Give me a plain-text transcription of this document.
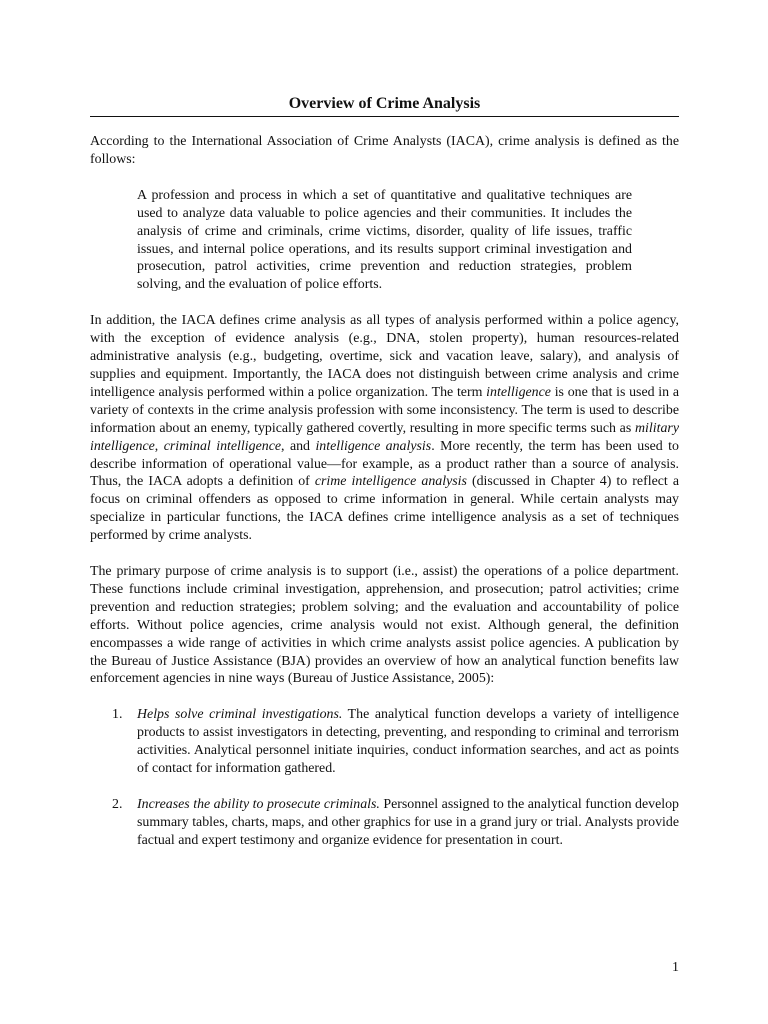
Overview of Crime Analysis

According to the International Association of Crime Analysts (IACA), crime analysis is defined as the follows:

A profession and process in which a set of quantitative and qualitative techniques are used to analyze data valuable to police agencies and their communities. It includes the analysis of crime and criminals, crime victims, disorder, quality of life issues, traffic issues, and internal police operations, and its results support criminal investigation and prosecution, patrol activities, crime prevention and reduction strategies, problem solving, and the evaluation of police efforts.

In addition, the IACA defines crime analysis as all types of analysis performed within a police agency, with the exception of evidence analysis (e.g., DNA, stolen property), human resources-related administrative analysis (e.g., budgeting, overtime, sick and vacation leave, salary), and analysis of supplies and equipment. Importantly, the IACA does not distinguish between crime analysis and crime intelligence analysis performed within a police organization. The term intelligence is one that is used in a variety of contexts in the crime analysis profession with some inconsistency. The term is used to describe information about an enemy, typically gathered covertly, resulting in more specific terms such as military intelligence, criminal intelligence, and intelligence analysis. More recently, the term has been used to describe information of operational value—for example, as a product rather than a source of analysis. Thus, the IACA adopts a definition of crime intelligence analysis (discussed in Chapter 4) to reflect a focus on criminal offenders as opposed to crime information in general. While certain analysts may specialize in particular functions, the IACA defines crime intelligence analysis as a set of techniques performed by crime analysts.

The primary purpose of crime analysis is to support (i.e., assist) the operations of a police department. These functions include criminal investigation, apprehension, and prosecution; patrol activities; crime prevention and reduction strategies; problem solving; and the evaluation and accountability of police efforts. Without police agencies, crime analysis would not exist. Although general, the definition encompasses a wide range of activities in which crime analysts assist police agencies. A publication by the Bureau of Justice Assistance (BJA) provides an overview of how an analytical function benefits law enforcement agencies in nine ways (Bureau of Justice Assistance, 2005):

1. Helps solve criminal investigations. The analytical function develops a variety of intelligence products to assist investigators in detecting, preventing, and responding to criminal and terrorism activities. Analytical personnel initiate inquiries, conduct information searches, and act as points of contact for information gathered.
2. Increases the ability to prosecute criminals. Personnel assigned to the analytical function develop summary tables, charts, maps, and other graphics for use in a grand jury or trial. Analysts provide factual and expert testimony and organize evidence for presentation in court.
1
